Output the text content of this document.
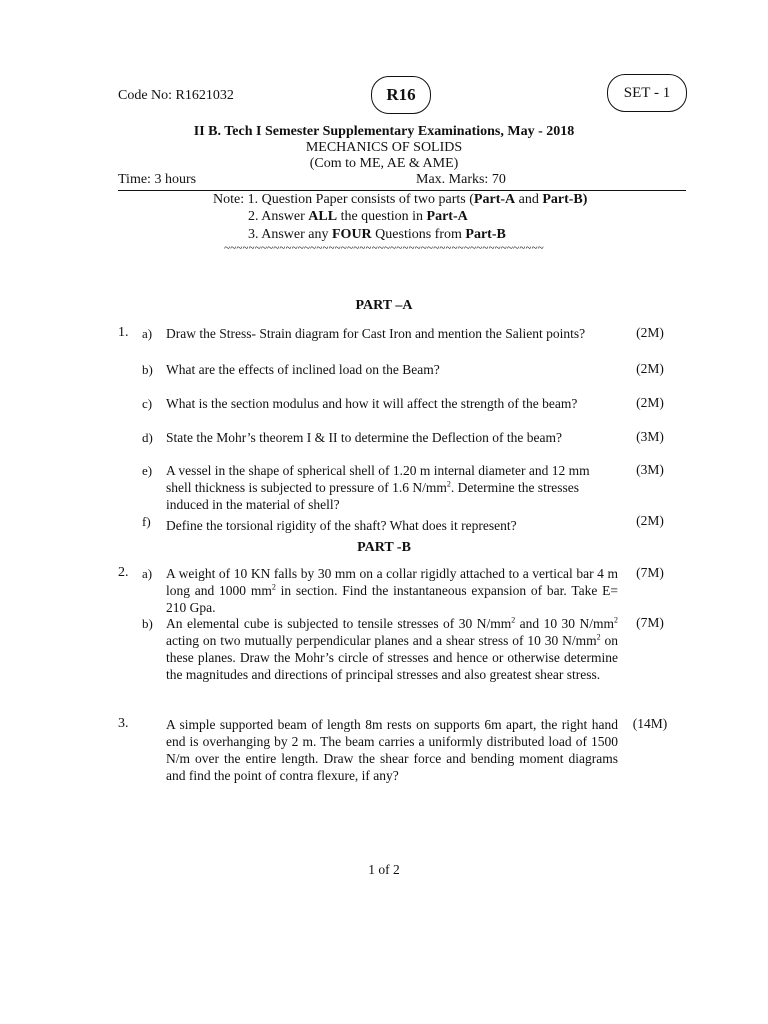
Code No: R1621032	R16	SET - 1
II B. Tech I Semester Supplementary Examinations, May - 2018
MECHANICS OF SOLIDS
(Com to ME, AE & AME)
Time: 3 hours	Max. Marks: 70
Note: 1. Question Paper consists of two parts (Part-A and Part-B)
2. Answer ALL the question in Part-A
3. Answer any FOUR Questions from Part-B
~~~~~~~~~~~~~~~~~~~~~~~~~~~~~~~~~~~~~~~~~~~~~~~~~~~~
PART –A
1. a) Draw the Stress- Strain diagram for Cast Iron and mention the Salient points?	(2M)
b) What are the effects of inclined load on the Beam?	(2M)
c) What is the section modulus and how it will affect the strength of the beam?	(2M)
d) State the Mohr’s theorem I & II to determine the Deflection of the beam?	(3M)
e) A vessel in the shape of spherical shell of 1.20 m internal diameter and 12 mm shell thickness is subjected to pressure of 1.6 $N/mm^2$. Determine the stresses induced in the material of shell?
(3M)
f) Define the torsional rigidity of the shaft? What does it represent?	(2M)
PART -B
2. a) A weight of 10 KN falls by 30 mm on a collar rigidly attached to a vertical bar 4 m long and 1000 $mm^2$ in section. Find the instantaneous expansion of bar. Take E= 210 Gpa.
(7M)
b) An elemental cube is subjected to tensile stresses of 30 $N/mm^2$ and 10 30 $N/mm^2$ acting on two mutually perpendicular planes and a shear stress of 10 30 $N/mm^2$ on these planes. Draw the Mohr’s circle of stresses and hence or otherwise determine the magnitudes and directions of principal stresses and also greatest shear stress.
(7M)
3.	A simple supported beam of length 8m rests on supports 6m apart, the right hand end is overhanging by 2 m. The beam carries a uniformly distributed load of 1500 N/m over the entire length. Draw the shear force and bending moment diagrams and find the point of contra flexure, if any?
(14M)
1 of 2
